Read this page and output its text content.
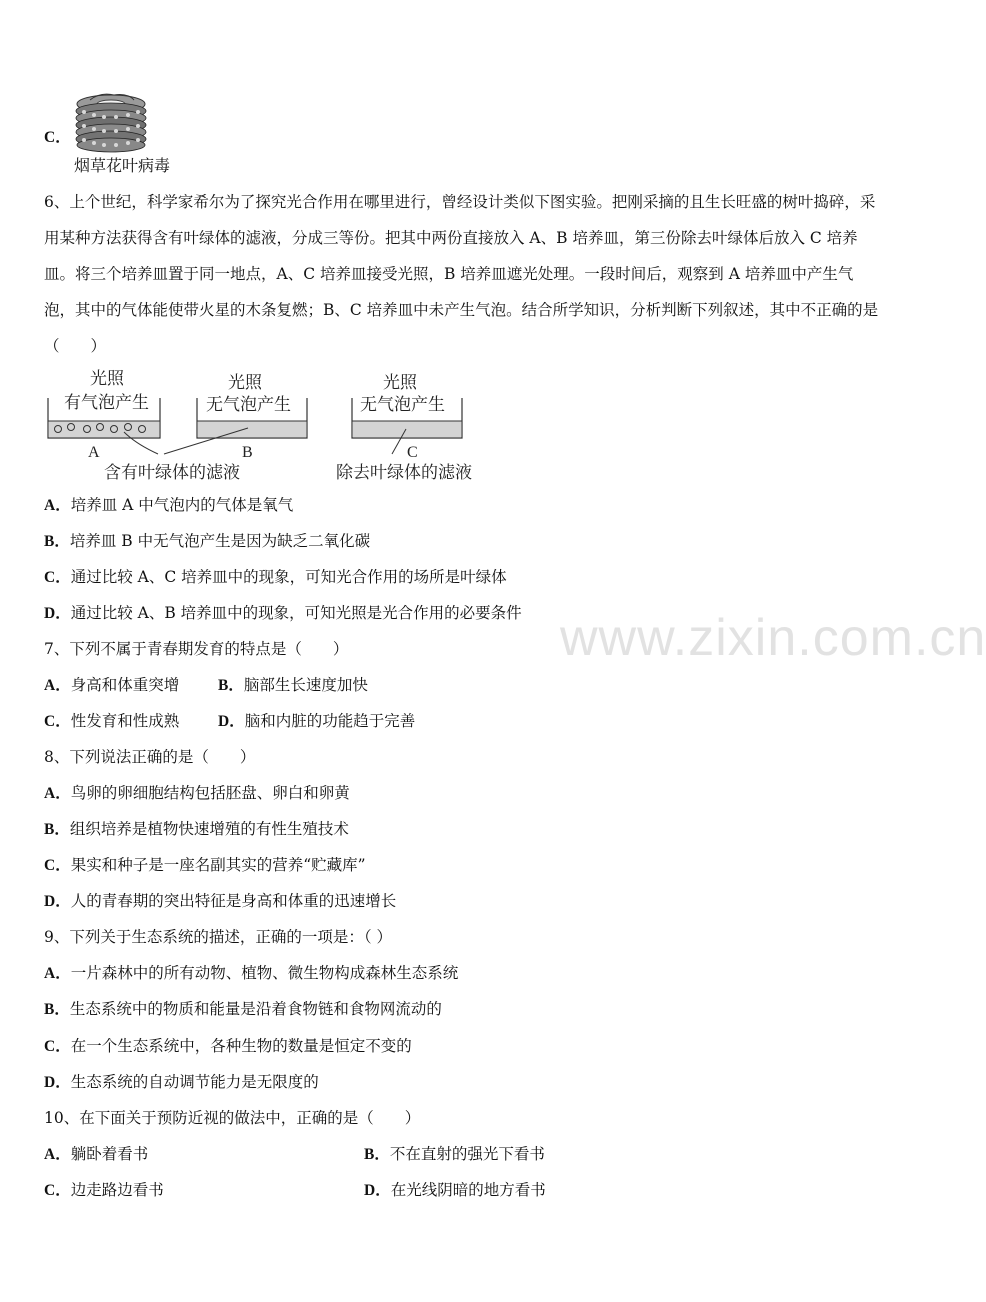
C．
烟草花叶病毒
6、上个世纪，科学家希尔为了探究光合作用在哪里进行，曾经设计类似下图实验。把刚采摘的且生长旺盛的树叶捣碎，采用某种方法获得含有叶绿体的滤液，分成三等份。把其中两份直接放入 A、B 培养皿，第三份除去叶绿体后放入 C 培养皿。将三个培养皿置于同一地点，A、C 培养皿接受光照，B 培养皿遮光处理。一段时间后，观察到 A 培养皿中产生气泡，其中的气体能使带火星的木条复燃；B、C 培养皿中未产生气泡。结合所学知识，分析判断下列叙述，其中不正确的是（　　）
光照
有气泡产生
A
光照
无气泡产生
B
光照
无气泡产生
C
含有叶绿体的滤液	除去叶绿体的滤液
A．培养皿 A 中气泡内的气体是氧气
B．培养皿 B 中无气泡产生是因为缺乏二氧化碳
C．通过比较 A、C 培养皿中的现象，可知光合作用的场所是叶绿体
D．通过比较 A、B 培养皿中的现象，可知光照是光合作用的必要条件 www.zixin.com.cn
7、下列不属于青春期发育的特点是（　　）
A．身高和体重突增	B．脑部生长速度加快
C．性发育和性成熟	D．脑和内脏的功能趋于完善
8、下列说法正确的是（　　）
A．鸟卵的卵细胞结构包括胚盘、卵白和卵黄
B．组织培养是植物快速增殖的有性生殖技术
C．果实和种子是一座名副其实的营养“贮藏库”
D．人的青春期的突出特征是身高和体重的迅速增长
9、下列关于生态系统的描述，正确的一项是：（ ）
A．一片森林中的所有动物、植物、微生物构成森林生态系统
B．生态系统中的物质和能量是沿着食物链和食物网流动的
C．在一个生态系统中，各种生物的数量是恒定不变的
D．生态系统的自动调节能力是无限度的
10、在下面关于预防近视的做法中，正确的是（　　）
A．躺卧着看书	B．不在直射的强光下看书
C．边走路边看书	D．在光线阴暗的地方看书
